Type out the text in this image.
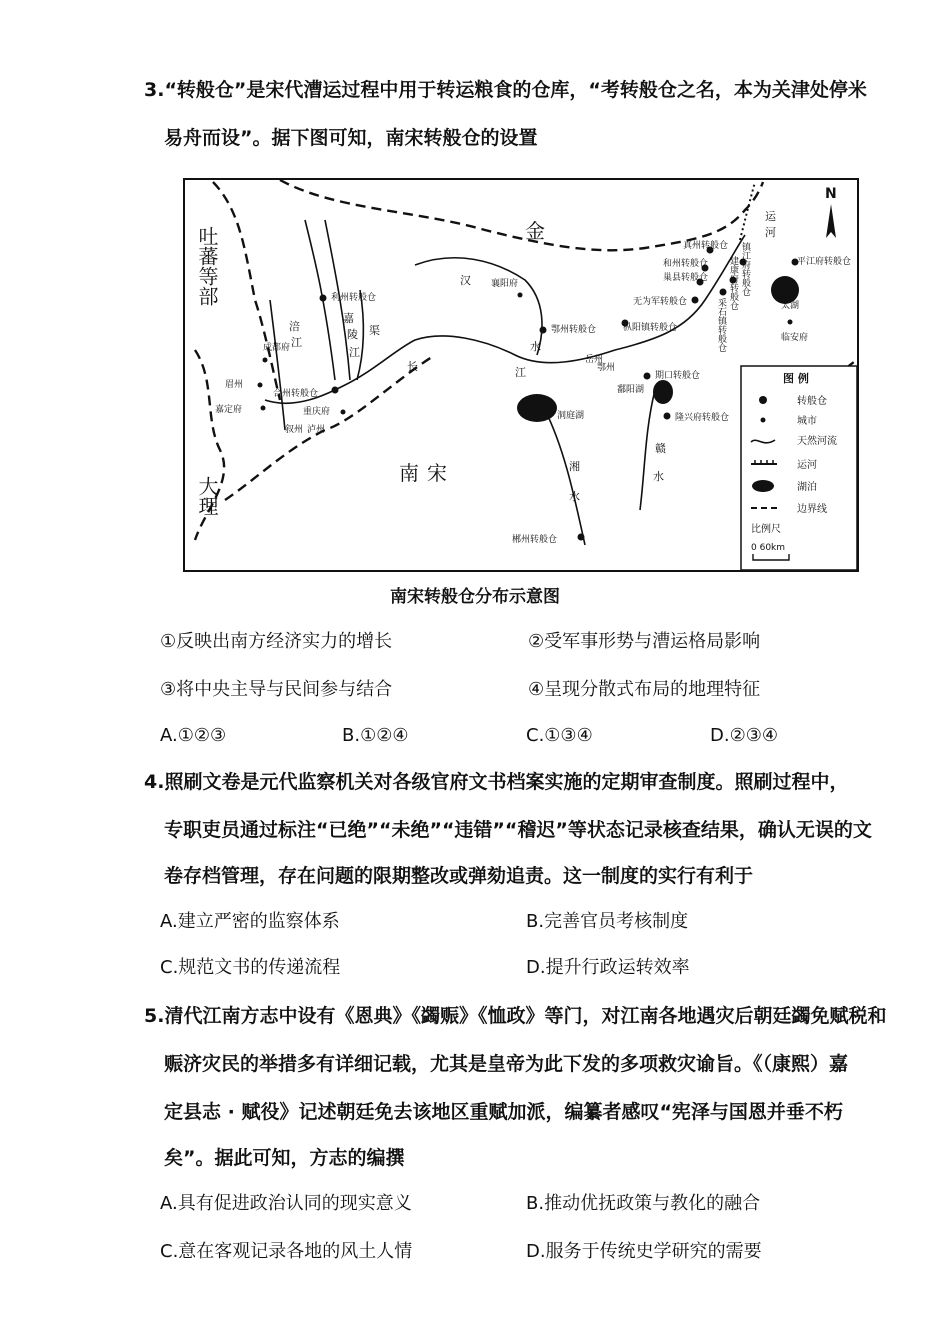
3.“转般仓”是宋代漕运过程中用于转运粮食的仓库，“考转般仓之名，本为关津处停米
易舟而设”。据下图可知，南宋转般仓的设置
N
金
南宋
吐蕃等部
大理
真州转般仓
和州转般仓
巢县转般仓
无为军转般仓
利州转般仓
鄂州转般仓	枞阳镇转般仓
合州转般仓
期口转般仓
隆兴府转般仓
郴州转般仓
镇江府转般仓
建康府转般仓
采石镇转般仓
平江府转般仓
成都府
眉州
嘉定府
叙州
重庆府
泸州
襄阳府
鄂州
岳州
洞庭湖
鄱阳湖
临安府
太湖
汉
水
嘉
陵
江
渠
涪
江
长	江
湘
水
赣
水
运
河
图 例
转般仓
城市
天然河流
运河
湖泊
边界线
比例尺
0 60km
南宋转般仓分布示意图
①反映出南方经济实力的增长	②受军事形势与漕运格局影响
③将中央主导与民间参与结合	④呈现分散式布局的地理特征
A.①②③	B.①②④	C.①③④	D.②③④
4.照刷文卷是元代监察机关对各级官府文书档案实施的定期审查制度。照刷过程中，
专职吏员通过标注“已绝”“未绝”“违错”“稽迟”等状态记录核查结果，确认无误的文
卷存档管理，存在问题的限期整改或弹劾追责。这一制度的实行有利于
A.建立严密的监察体系	B.完善官员考核制度
C.规范文书的传递流程	D.提升行政运转效率
5.清代江南方志中设有《恩典》《蠲赈》《恤政》等门，对江南各地遇灾后朝廷蠲免赋税和
赈济灾民的举措多有详细记载，尤其是皇帝为此下发的多项救灾谕旨。《（康熙）嘉
定县志 · 赋役》记述朝廷免去该地区重赋加派，编纂者感叹“宪泽与国恩并垂不朽
矣”。据此可知，方志的编撰
A.具有促进政治认同的现实意义	B.推动优抚政策与教化的融合
C.意在客观记录各地的风土人情	D.服务于传统史学研究的需要
